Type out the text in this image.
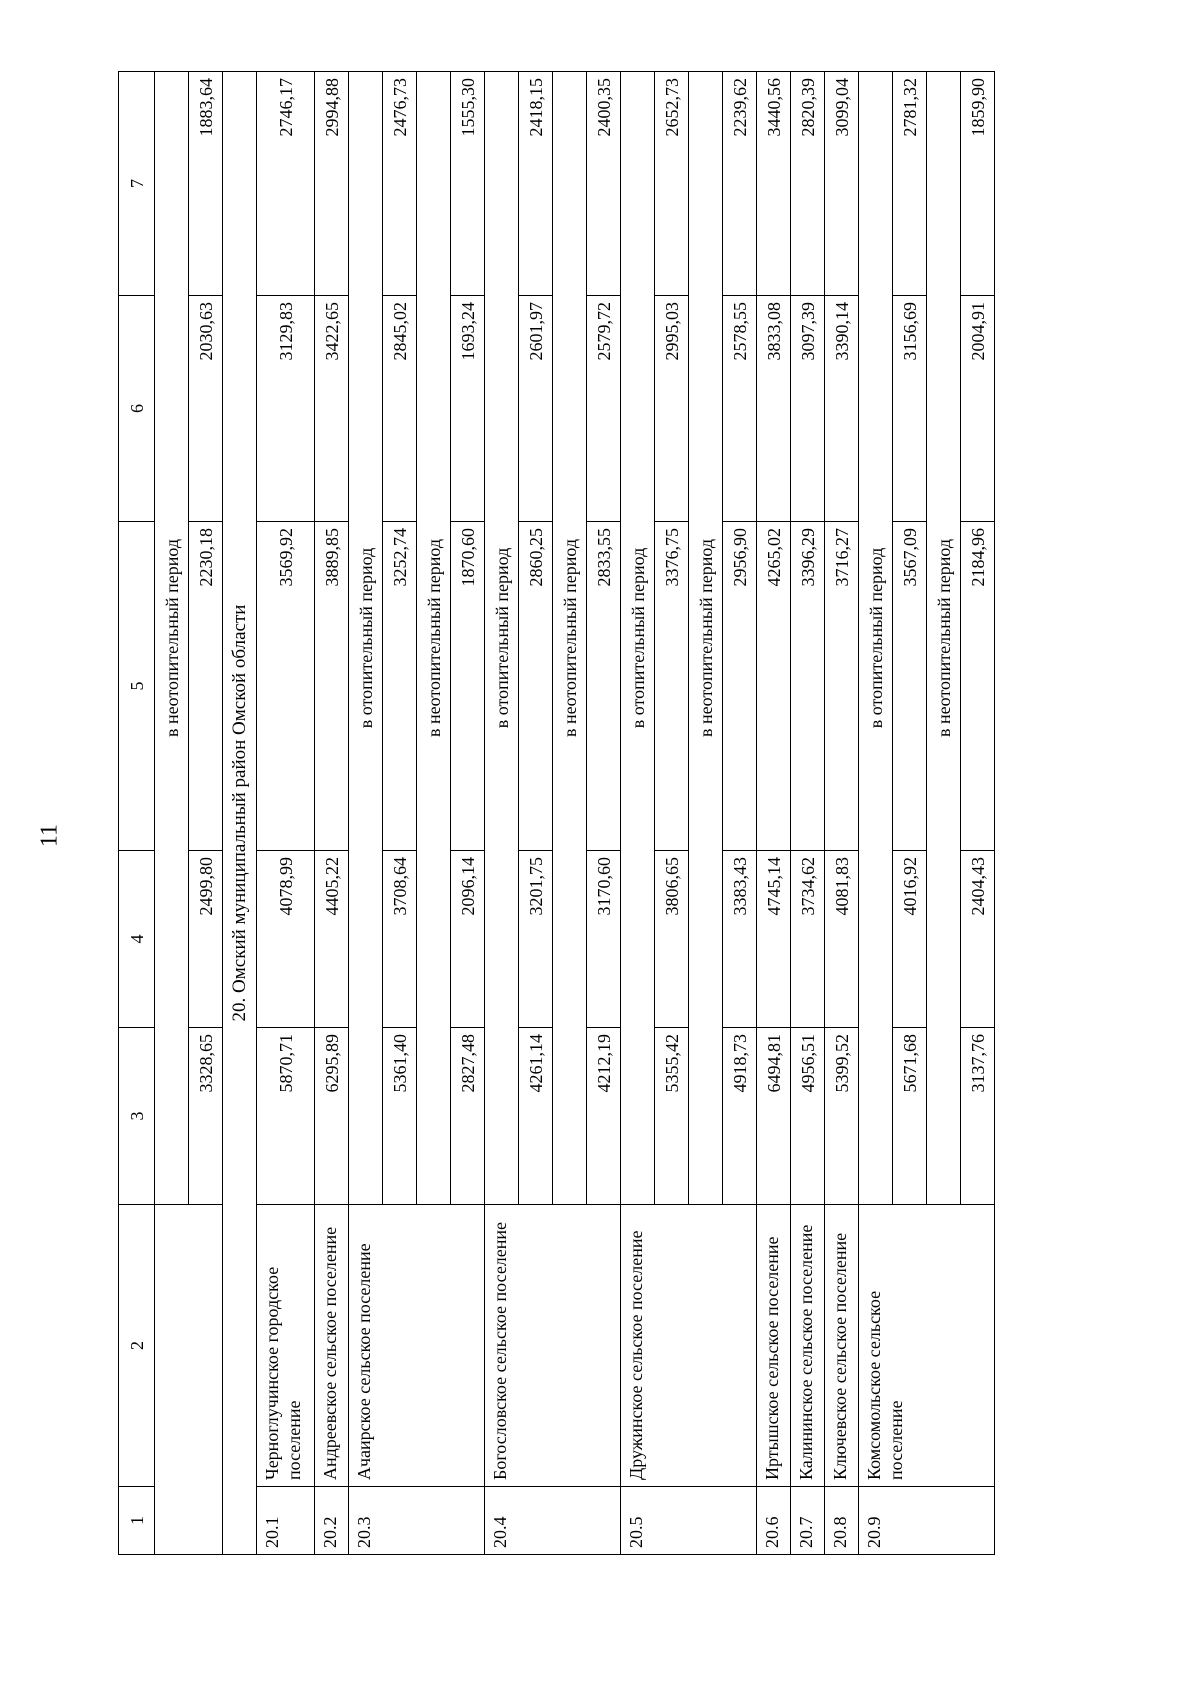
11
1	2	3	4	5	6	7
		в неотопительный период				
		3328,65	2499,80	2230,18	2030,63	1883,64
20. Омский муниципальный район Омской области						
20.1	Черноглучинское городское поселение	5870,71	4078,99	3569,92	3129,83	2746,17
20.2	Андреевское сельское поселение	6295,89	4405,22	3889,85	3422,65	2994,88
20.3	Ачаирское сельское поселение	в отопительный период				
		5361,40	3708,64	3252,74	2845,02	2476,73
		в неотопительный период				
		2827,48	2096,14	1870,60	1693,24	1555,30
20.4	Богословское сельское поселение	в отопительный период				
		4261,14	3201,75	2860,25	2601,97	2418,15
		в неотопительный период				
		4212,19	3170,60	2833,55	2579,72	2400,35
20.5	Дружинское сельское поселение	в отопительный период				
		5355,42	3806,65	3376,75	2995,03	2652,73
		в неотопительный период				
		4918,73	3383,43	2956,90	2578,55	2239,62
20.6	Иртышское сельское поселение	6494,81	4745,14	4265,02	3833,08	3440,56
20.7	Калининское сельское поселение	4956,51	3734,62	3396,29	3097,39	2820,39
20.8	Ключевское сельское поселение	5399,52	4081,83	3716,27	3390,14	3099,04
20.9	Комсомольское сельское поселение	в отопительный период				
		5671,68	4016,92	3567,09	3156,69	2781,32
		в неотопительный период				
		3137,76	2404,43	2184,96	2004,91	1859,90
